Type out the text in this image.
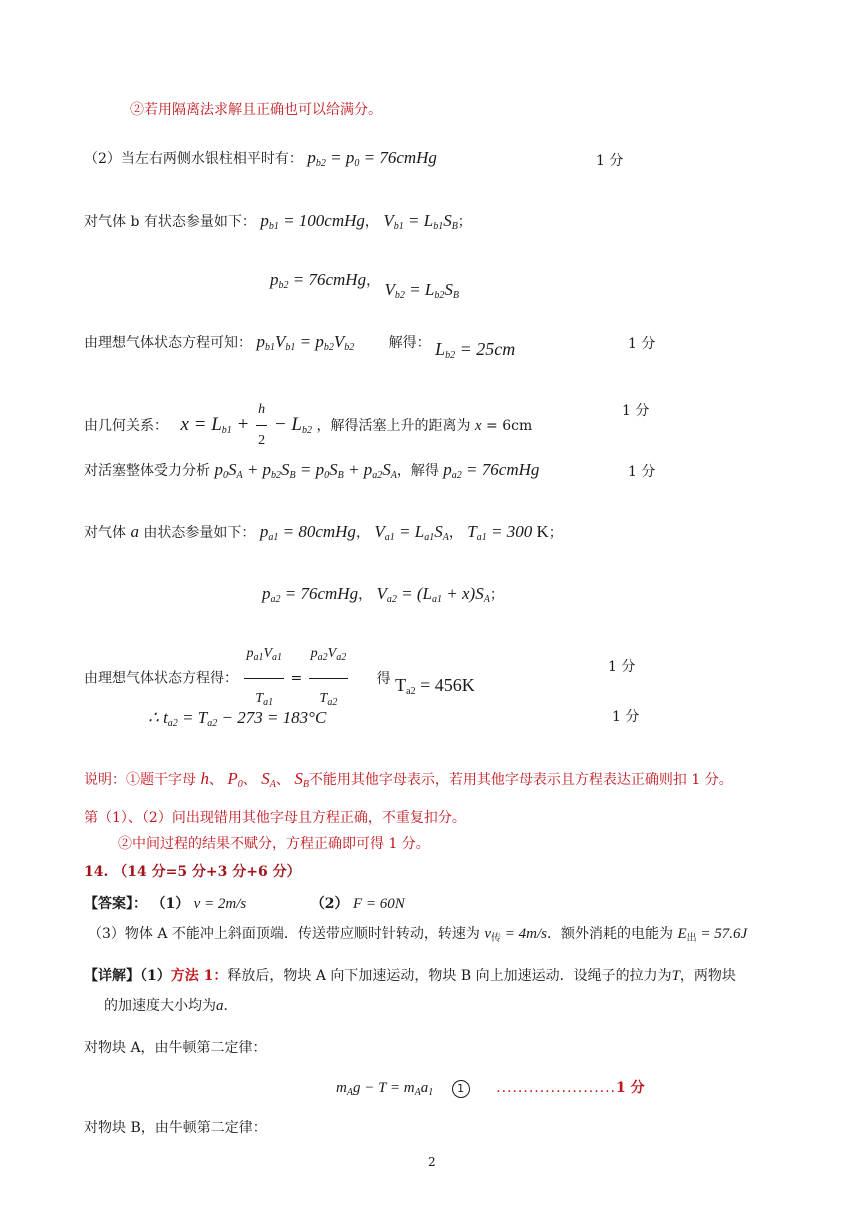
②若用隔离法求解且正确也可以给满分。
（2）当左右两侧水银柱相平时有： $p_{b2} = p_0$ = 76cmHg	1 分
对气体 b 有状态参量如下： $p_{b1}$ = 100cmHg， $V_{b1} = L_{b1}S_B$；
$p_{b2}$ = 76cmHg， $V_{b2} = L_{b2}S_B$
由理想气体状态方程可知： $p_{b1}V_{b1} = p_{b2}V_{b2}$ 解得： $L_{b2} = 25cm$	1 分
由几何关系： $x = L_{b1} + \frac{h}{2} - L_{b2}$ ，解得活塞上升的距离为 x = 6cm
1 分
对活塞整体受力分析 $p_0S_A + p_{b2}S_B = p_0S_B + p_{a2}S_A$，解得 $p_{a2}$ = 76cmHg	1 分
对气体 a 由状态参量如下： $p_{a1}$ = 80cmHg， $V_{a1} = L_{a1}S_A$， $T_{a1} = 300$ K；
$p_{a2}$ = 76cmHg， $V_{a2} = (L_{a1} + x)S_A$；
由理想气体状态方程得： $\frac{p_{a1}V_{a1}}{T_{a1}} = \frac{p_{a2}V_{a2}}{T_{a2}}$ 得 $T_{a2} = 456K$
1 分
∴ $t_{a2} = T_{a2} - 273 = 183^\circ C$	1 分
说明：①题干字母 h、 $P_0$、 $S_A$、 $S_B$不能用其他字母表示，若用其他字母表示且方程表达正确则扣 1 分。
第（1）、（2）问出现错用其他字母且方程正确，不重复扣分。
②中间过程的结果不赋分，方程正确即可得 1 分。
14. （14 分=5 分+3 分+6 分）
【答案】： （1） v = 2m/s	（2） F = 60N
（3）物体 A 不能冲上斜面顶端．传送带应顺时针转动，转速为 $v_传 = 4m/s$．额外消耗的电能为 $E_出 = 57.6J$
【详解】（1）方法 1：释放后，物块 A 向下加速运动，物块 B 向上加速运动．设绳子的拉力为T，两物块
的加速度大小均为a．
对物块 A，由牛顿第二定律：
$m_Ag - T = m_Aa_1$ 1 ......................1 分
对物块 B，由牛顿第二定律：
2
